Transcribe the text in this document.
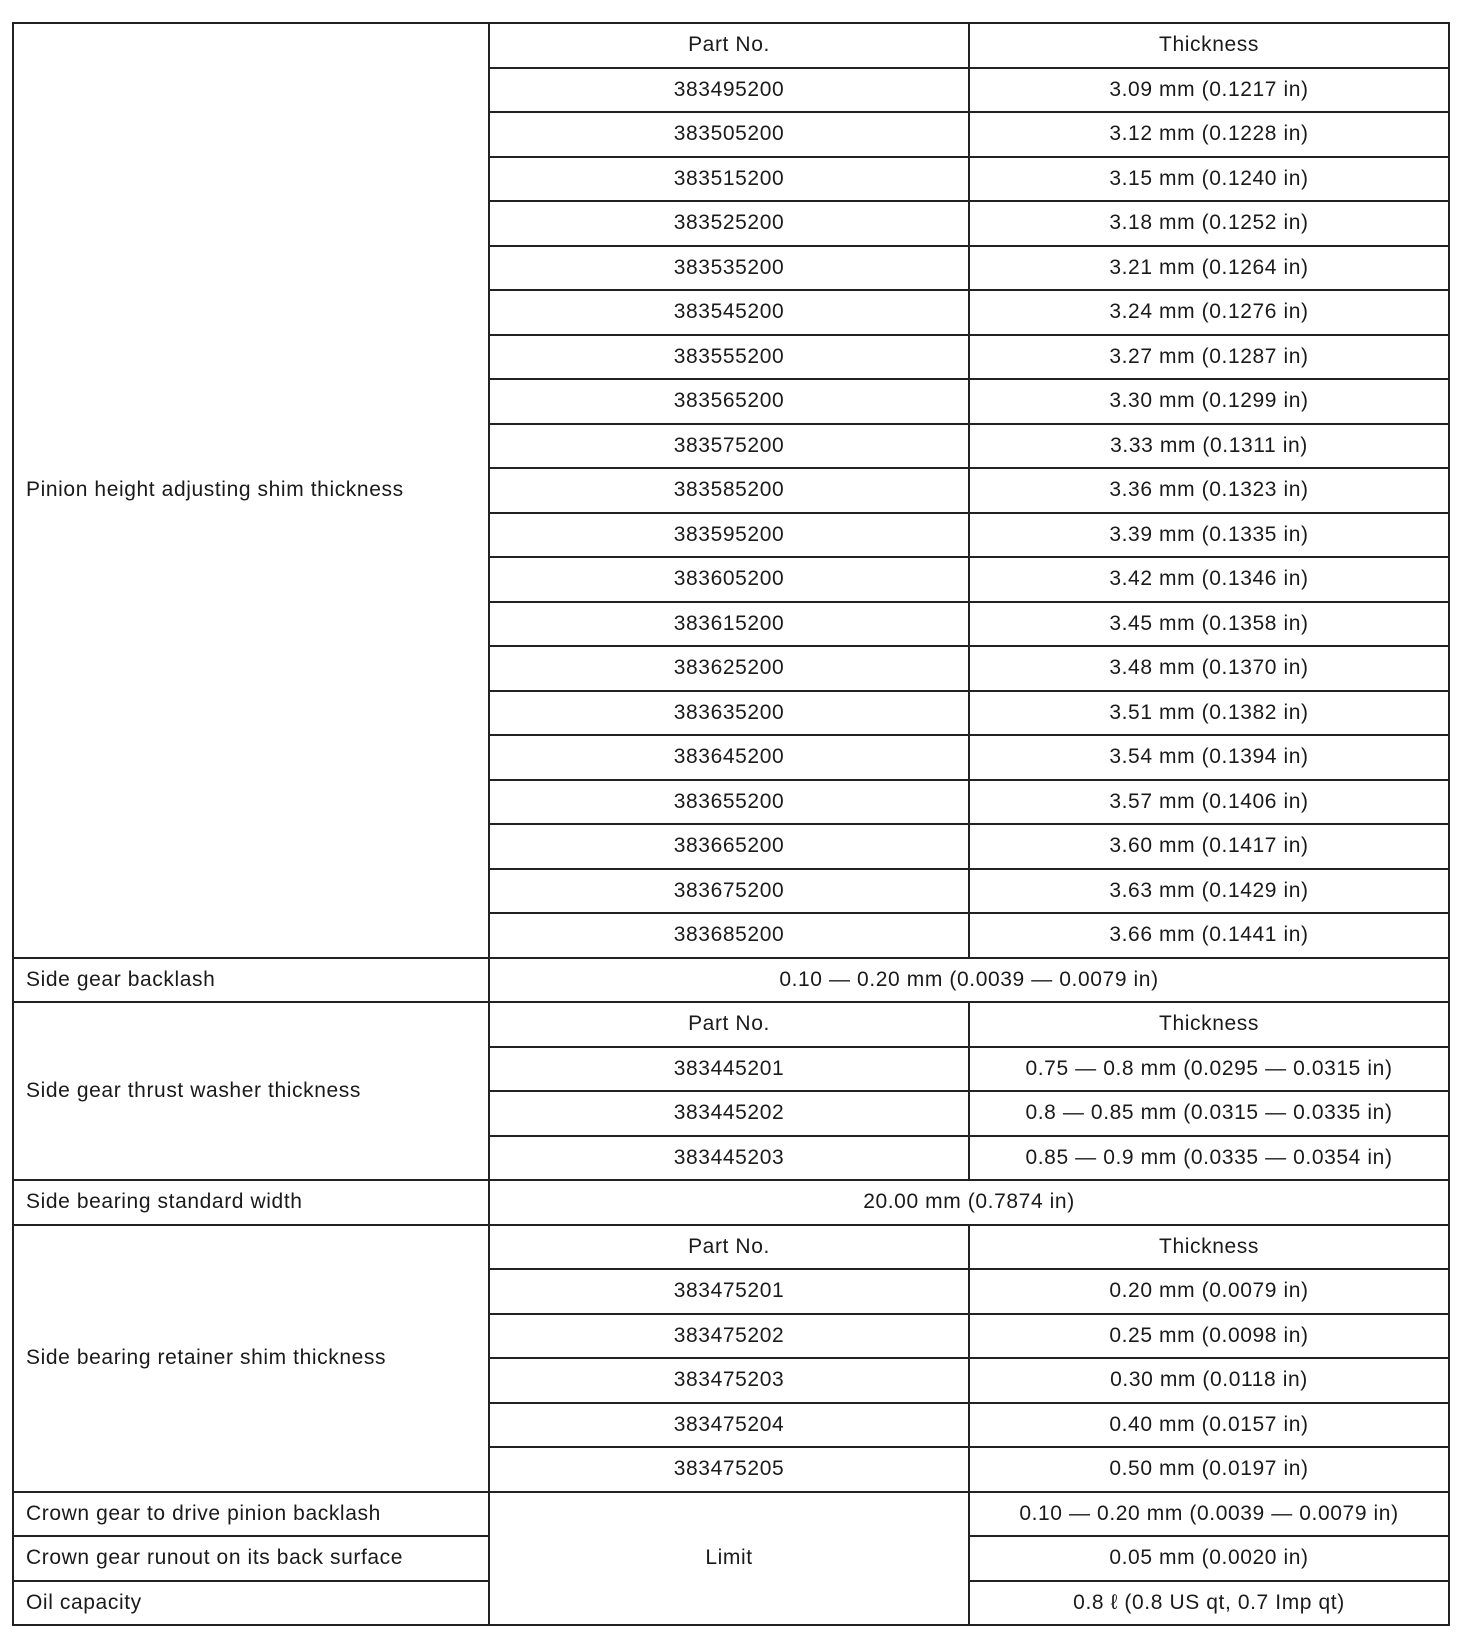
Pinion height adjusting shim thickness	Part No.	Thickness
	383495200	3.09 mm (0.1217 in)
	383505200	3.12 mm (0.1228 in)
	383515200	3.15 mm (0.1240 in)
	383525200	3.18 mm (0.1252 in)
	383535200	3.21 mm (0.1264 in)
	383545200	3.24 mm (0.1276 in)
	383555200	3.27 mm (0.1287 in)
	383565200	3.30 mm (0.1299 in)
	383575200	3.33 mm (0.1311 in)
	383585200	3.36 mm (0.1323 in)
	383595200	3.39 mm (0.1335 in)
	383605200	3.42 mm (0.1346 in)
	383615200	3.45 mm (0.1358 in)
	383625200	3.48 mm (0.1370 in)
	383635200	3.51 mm (0.1382 in)
	383645200	3.54 mm (0.1394 in)
	383655200	3.57 mm (0.1406 in)
	383665200	3.60 mm (0.1417 in)
	383675200	3.63 mm (0.1429 in)
	383685200	3.66 mm (0.1441 in)
Side gear backlash	0.10 — 0.20 mm (0.0039 — 0.0079 in)	
Side gear thrust washer thickness	Part No.	Thickness
	383445201	0.75 — 0.8 mm (0.0295 — 0.0315 in)
	383445202	0.8 — 0.85 mm (0.0315 — 0.0335 in)
	383445203	0.85 — 0.9 mm (0.0335 — 0.0354 in)
Side bearing standard width	20.00 mm (0.7874 in)	
Side bearing retainer shim thickness	Part No.	Thickness
	383475201	0.20 mm (0.0079 in)
	383475202	0.25 mm (0.0098 in)
	383475203	0.30 mm (0.0118 in)
	383475204	0.40 mm (0.0157 in)
	383475205	0.50 mm (0.0197 in)
Crown gear to drive pinion backlash	Limit	0.10 — 0.20 mm (0.0039 — 0.0079 in)
Crown gear runout on its back surface		0.05 mm (0.0020 in)
Oil capacity		0.8 ℓ (0.8 US qt, 0.7 Imp qt)
